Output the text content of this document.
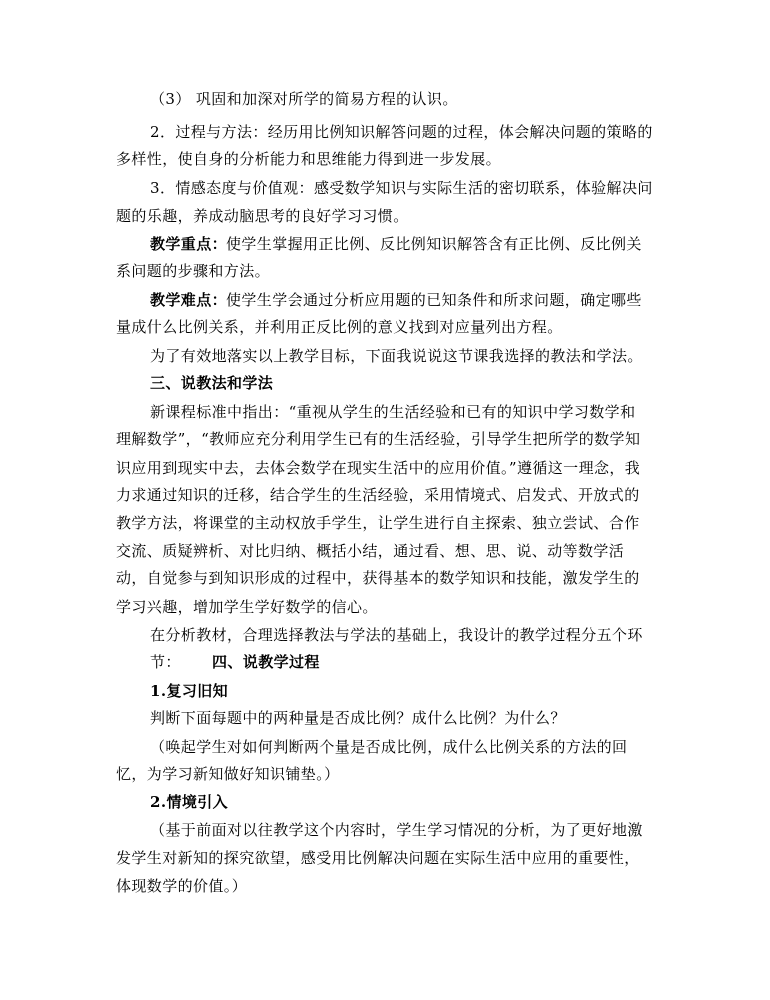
（3） 巩固和加深对所学的简易方程的认识。
2．过程与方法：经历用比例知识解答问题的过程，体会解决问题的策略的
多样性，使自身的分析能力和思维能力得到进一步发展。
3．情感态度与价值观：感受数学知识与实际生活的密切联系，体验解决问
题的乐趣，养成动脑思考的良好学习习惯。
教学重点：
使学生掌握用正比例、反比例知识解答含有正比例、反比例关
系问题的步骤和方法。
教学难点：
使学生学会通过分析应用题的已知条件和所求问题，确定哪些
量成什么比例关系，并利用正反比例的意义找到对应量列出方程。
为了有效地落实以上教学目标，下面我说说这节课我选择的教法和学法。
三、说教法和学法
新课程标准中指出：“重视从学生的生活经验和已有的知识中学习数学和
理解数学”，“教师应充分利用学生已有的生活经验，引导学生把所学的数学知
识应用到现实中去，去体会数学在现实生活中的应用价值。”遵循这一理念，我
力求通过知识的迁移，结合学生的生活经验，采用情境式、启发式、开放式的
教学方法，将课堂的主动权放手学生，让学生进行自主探索、独立尝试、合作
交流、质疑辨析、对比归纳、概括小结，通过看、想、思、说、动等数学活
动，自觉参与到知识形成的过程中，获得基本的数学知识和技能，激发学生的
学习兴趣，增加学生学好数学的信心。
在分析教材，合理选择教法与学法的基础上，我设计的教学过程分五个环
节： 四、说教学过程
1.复习旧知
判断下面每题中的两种量是否成比例？成什么比例？为什么？
（唤起学生对如何判断两个量是否成比例，成什么比例关系的方法的回
忆，为学习新知做好知识铺垫。）
2.情境引入
（基于前面对以往教学这个内容时，学生学习情况的分析，为了更好地激
发学生对新知的探究欲望，感受用比例解决问题在实际生活中应用的重要性，
体现数学的价值。）
